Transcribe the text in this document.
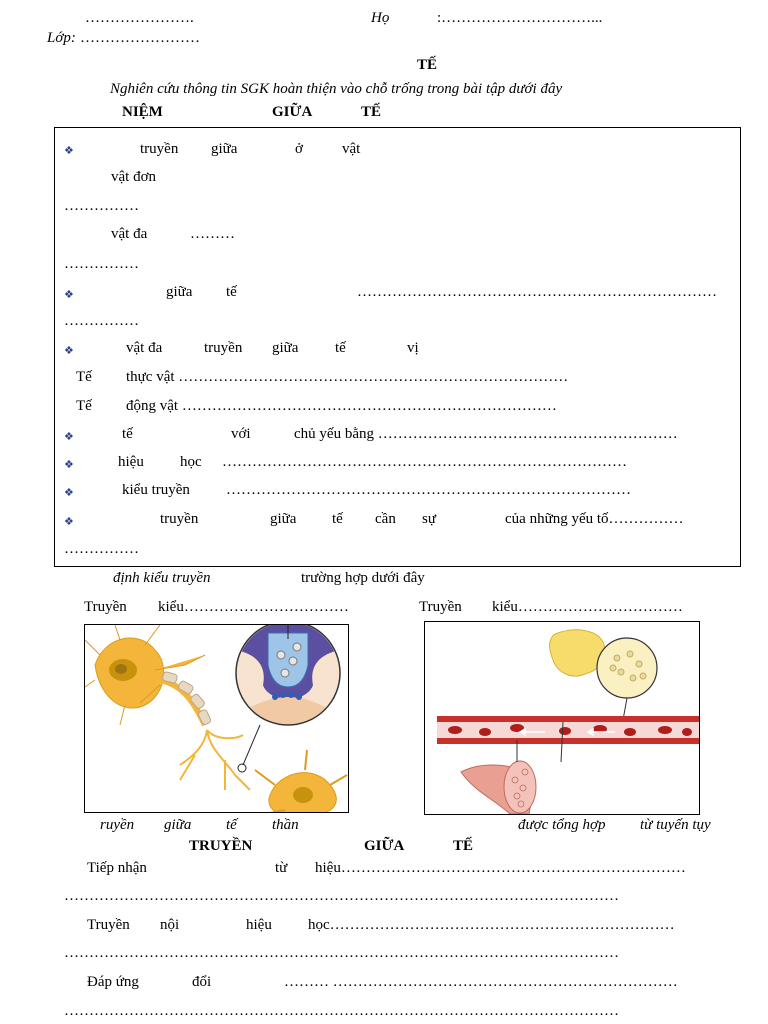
………………….	Họ	:…………………………...
Lớp: ……………………
TẾ
Nghiên cứu thông tin SGK hoàn thiện vào chỗ trống trong bài tập dưới đây
NIỆM	GIỮA	TẾ
❖	truyền giữa	ở	vật
vật đơn
……………
vật đa	………
……………
❖	giữa tế	………………………………………………………………
……………
❖	vật đa	truyền giữa tế	vị
Tế thực vật ……………………………………………………………………
Tế động vật …………………………………………………………………
❖	tế	với	chủ yếu bằng ……………………………………………………
❖	hiệu học ………………………………………………………………………
❖	kiểu truyền ………………………………………………………………………
❖	truyền	giữa tế cần sự	của những yếu tố……………
……………
định kiểu truyền	trường hợp dưới đây
Truyền kiểu……………………………	Truyền kiểu……………………………
ruyền giữa tế thần	được tổng hợp từ tuyến tụy
TRUYỀN	GIỮA	TẾ
Tiếp nhận	từ hiệu……………………………………………………………
…………………………………………………………………………………………………
Truyền nội	hiệu học……………………………………………………………
…………………………………………………………………………………………………
Đáp ứng	đổi	……… ……………………………………………………………
…………………………………………………………………………………………………
